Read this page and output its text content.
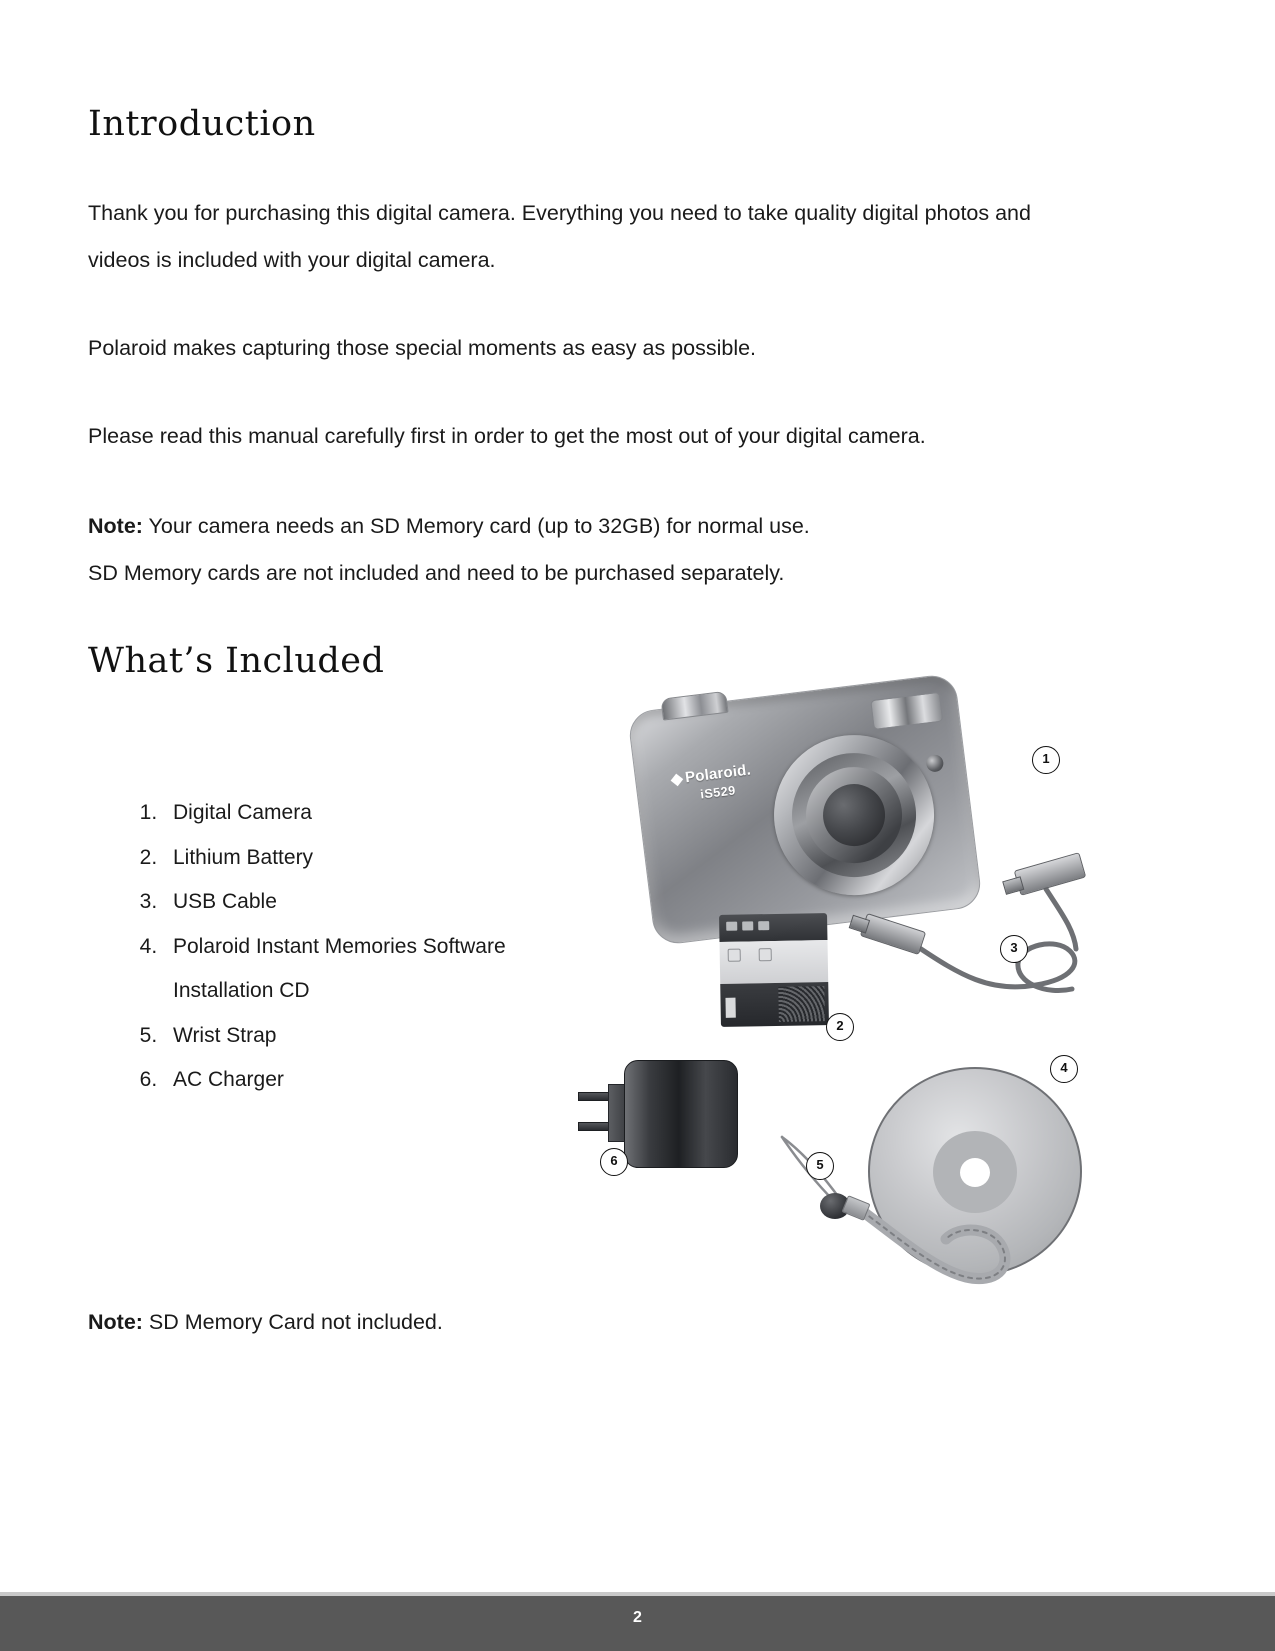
Introduction

Thank you for purchasing this digital camera. Everything you need to take quality digital photos and videos is included with your digital camera.

Polaroid makes capturing those special moments as easy as possible.

Please read this manual carefully first in order to get the most out of your digital camera.

Note: Your camera needs an SD Memory card (up to 32GB) for normal use.
SD Memory cards are not included and need to be purchased separately.

What’s Included
1. Digital Camera
2. Lithium Battery
3. USB Cable
4. Polaroid Instant Memories Software Installation CD
5. Wrist Strap
6. AC Charger
Polaroid.
iS529
1
2
3
4
5
6

Note: SD Memory Card not included.

2
